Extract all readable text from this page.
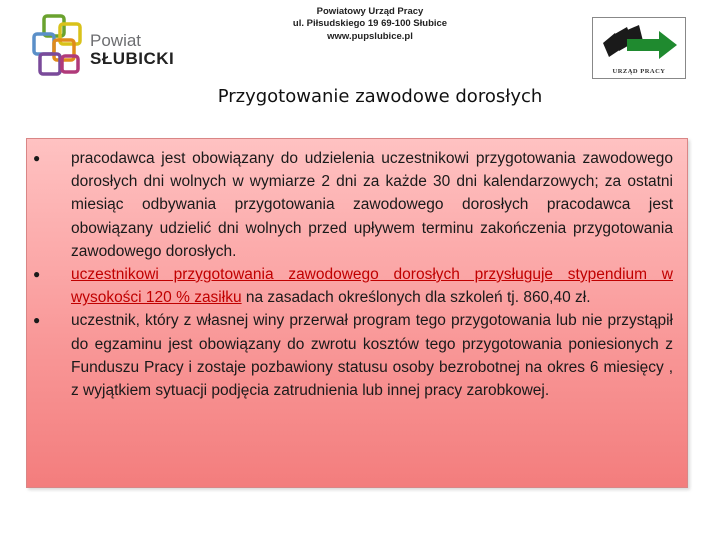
Powiat
SŁUBICKI
Powiatowy Urząd Pracy
ul. Piłsudskiego 19 69-100 Słubice
www.pupslubice.pl
URZĄD PRACY
Przygotowanie zawodowe dorosłych
● pracodawca jest obowiązany do udzielenia uczestnikowi przygotowania zawodowego dorosłych dni wolnych w wymiarze 2 dni za każde 30 dni kalendarzowych; za ostatni miesiąc odbywania przygotowania zawodowego dorosłych pracodawca jest obowiązany udzielić dni wolnych przed upływem terminu zakończenia przygotowania zawodowego dorosłych.
● uczestnikowi przygotowania zawodowego dorosłych przysługuje stypendium w wysokości 120 % zasiłku na zasadach określonych dla szkoleń tj. 860,40 zł.
● uczestnik, który z własnej winy przerwał program tego przygotowania lub nie przystąpił do egzaminu jest obowiązany do zwrotu kosztów tego przygotowania poniesionych z Funduszu Pracy i zostaje pozbawiony statusu osoby bezrobotnej na okres 6 miesięcy , z wyjątkiem sytuacji podjęcia zatrudnienia lub innej pracy zarobkowej.
